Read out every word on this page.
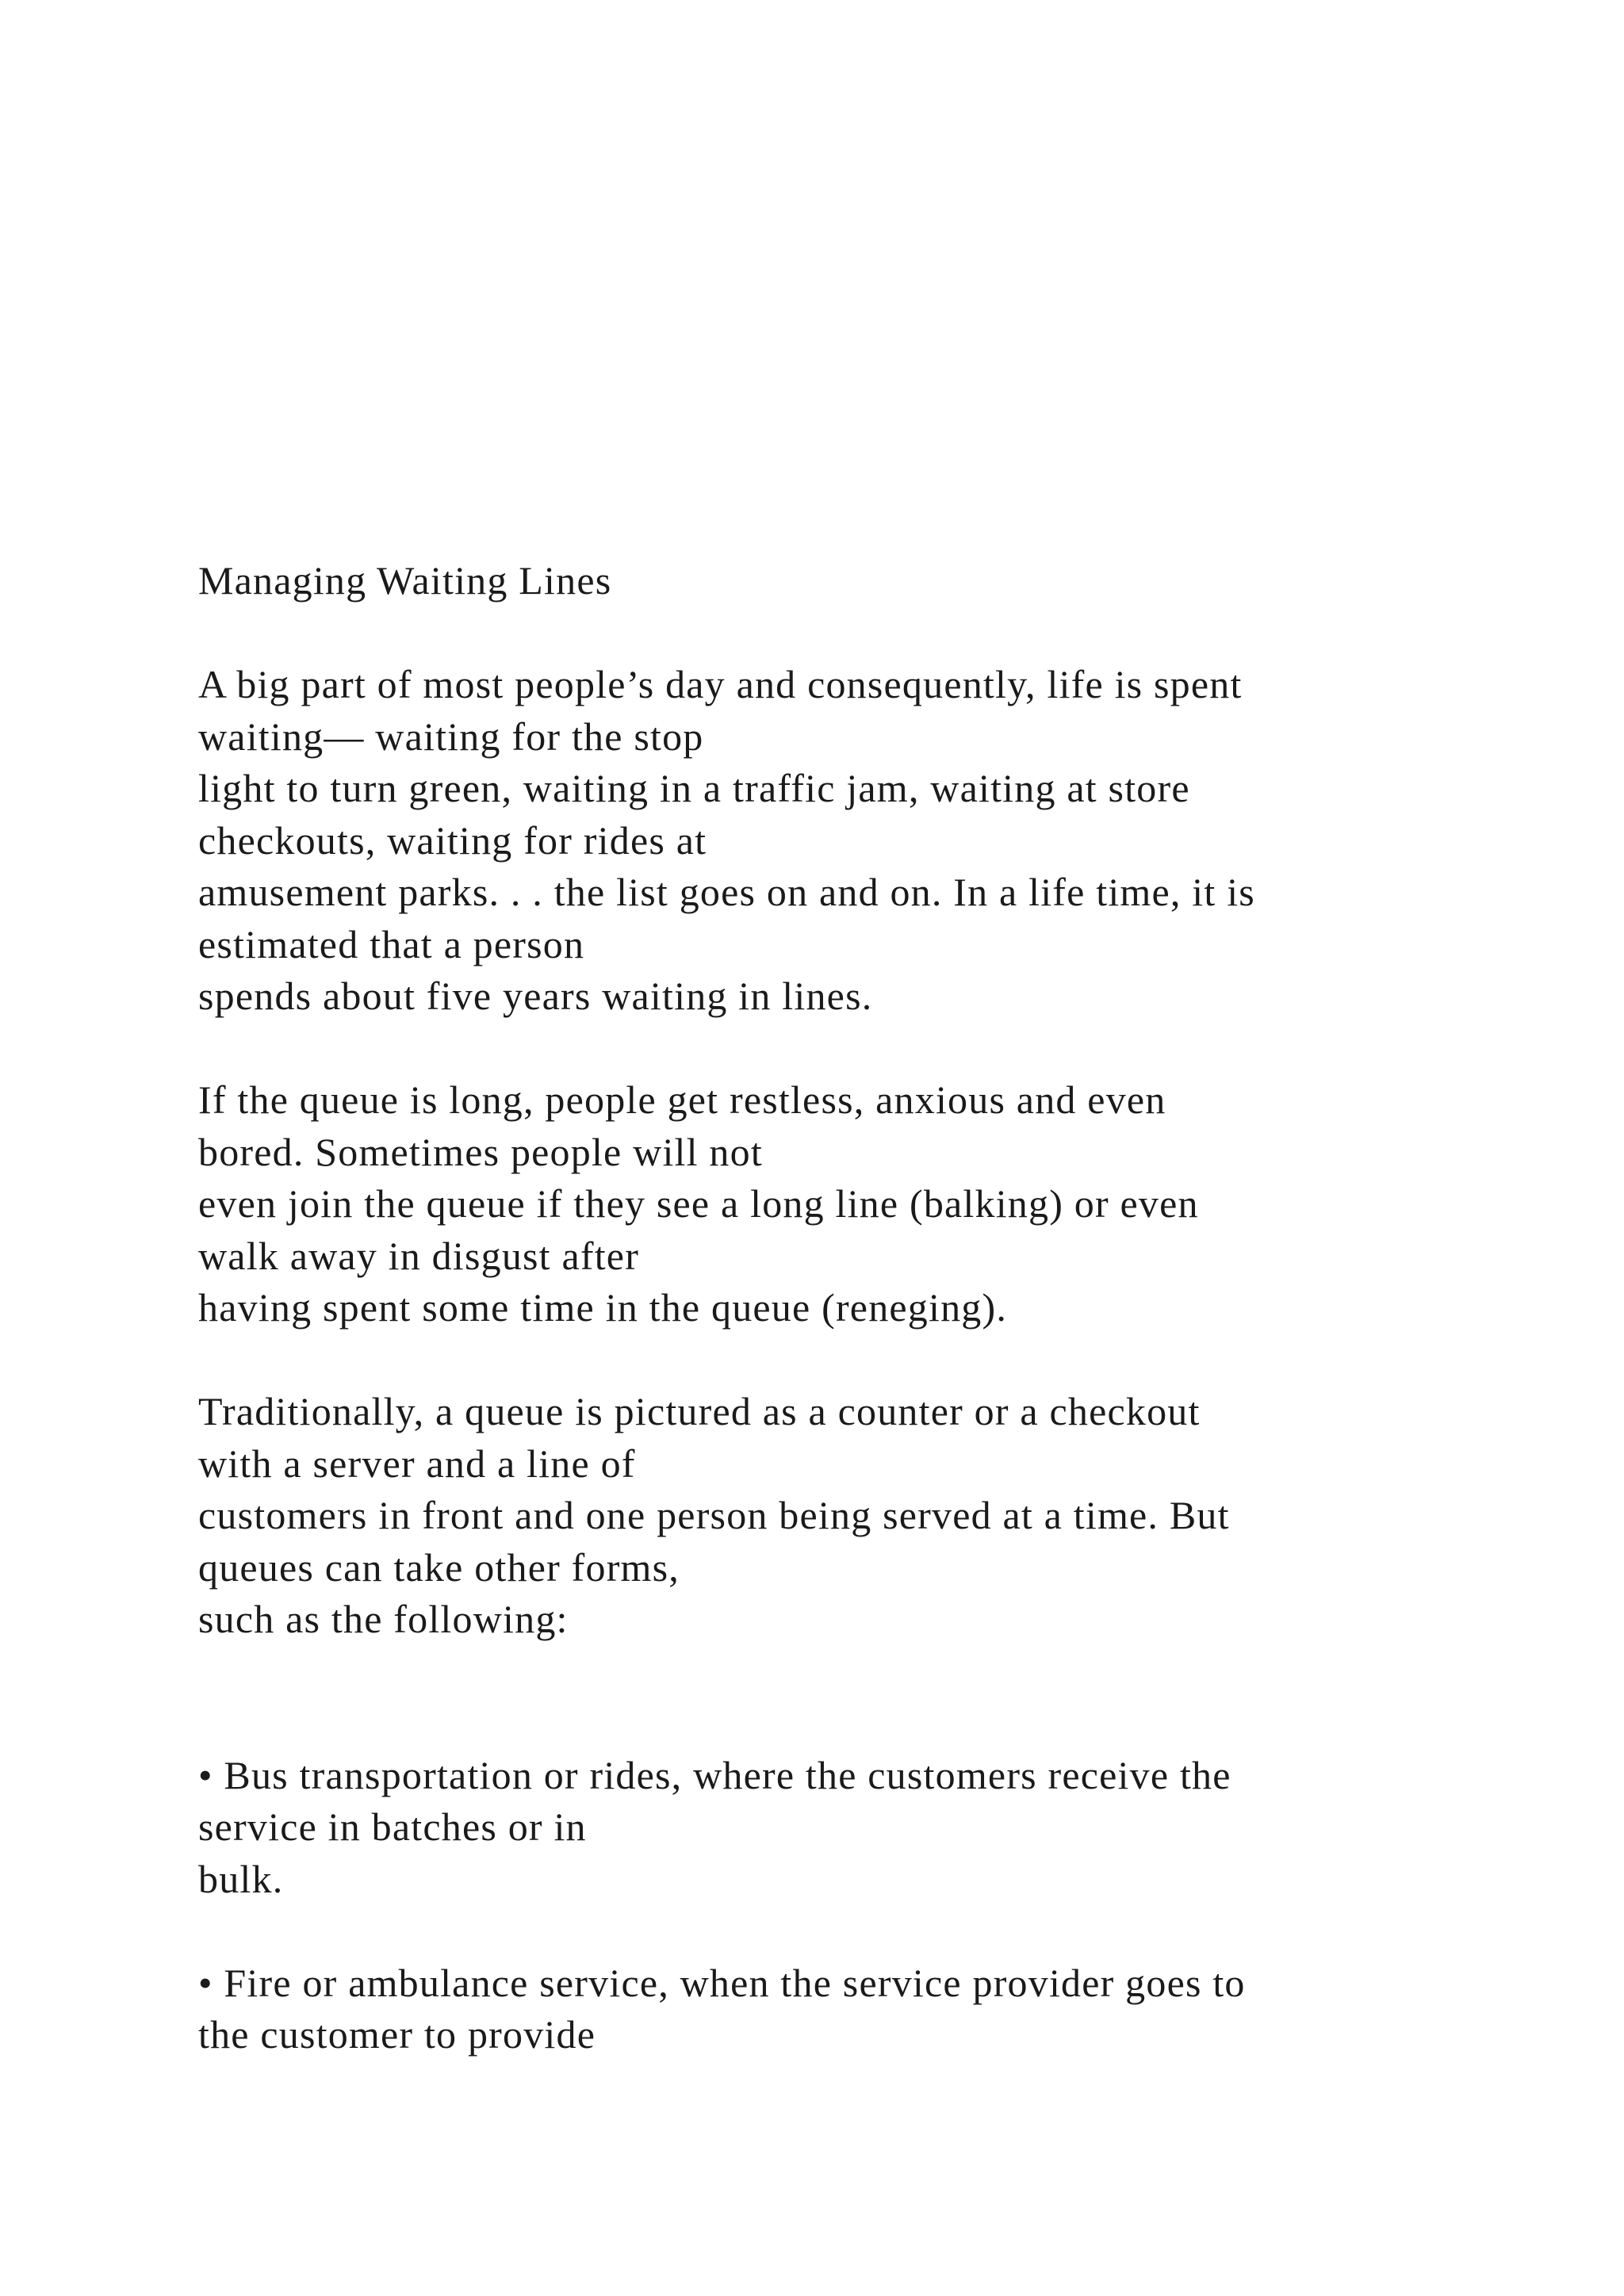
Managing Waiting Lines
A big part of most people’s day and consequently, life is spent
waiting— waiting for the stop
light to turn green, waiting in a traffic jam, waiting at store
checkouts, waiting for rides at
amusement parks. . . the list goes on and on. In a life time, it is
estimated that a person
spends about five years waiting in lines.
If the queue is long, people get restless, anxious and even
bored. Sometimes people will not
even join the queue if they see a long line (balking) or even
walk away in disgust after
having spent some time in the queue (reneging).
Traditionally, a queue is pictured as a counter or a checkout
with a server and a line of
customers in front and one person being served at a time. But
queues can take other forms,
such as the following:
• Bus transportation or rides, where the customers receive the
service in batches or in
bulk.
• Fire or ambulance service, when the service provider goes to
the customer to provide
